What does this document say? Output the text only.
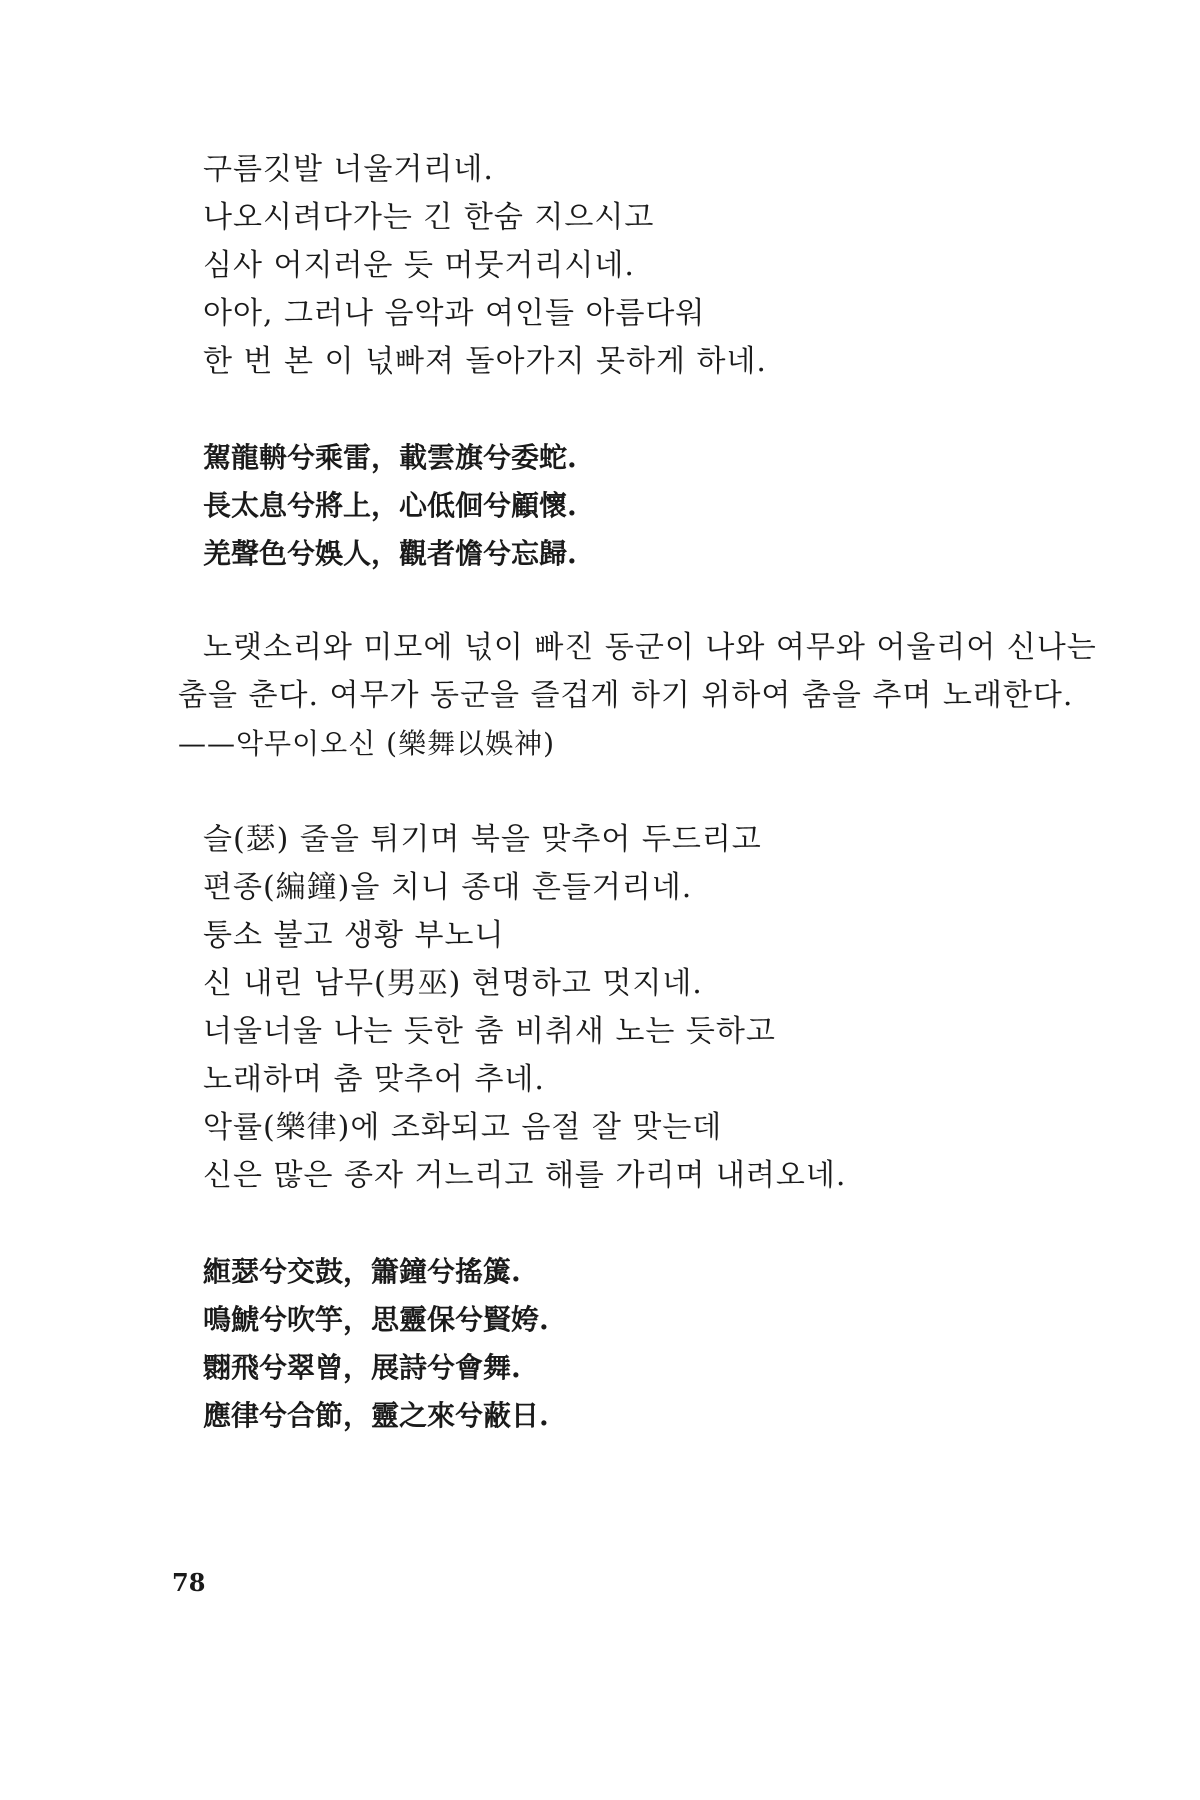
구름깃발 너울거리네.
나오시려다가는 긴 한숨 지으시고
심사 어지러운 듯 머뭇거리시네.
아아, 그러나 음악과 여인들 아름다워
한 번 본 이 넋빠져 돌아가지 못하게 하네.
駕龍輈兮乘雷，載雲旗兮委蛇.
長太息兮將上，心低佪兮顧懷.
羌聲色兮娛人，觀者憺兮忘歸.
노랫소리와 미모에 넋이 빠진 동군이 나와 여무와 어울리어 신나는
춤을 춘다. 여무가 동군을 즐겁게 하기 위하여 춤을 추며 노래한다.
——악무이오신 (樂舞以娛神)
슬(瑟) 줄을 튀기며 북을 맞추어 두드리고
편종(編鐘)을 치니 종대 흔들거리네.
퉁소 불고 생황 부노니
신 내린 남무(男巫) 현명하고 멋지네.
너울너울 나는 듯한 춤 비취새 노는 듯하고
노래하며 춤 맞추어 추네.
악률(樂律)에 조화되고 음절 잘 맞는데
신은 많은 종자 거느리고 해를 가리며 내려오네.
縆瑟兮交鼓，簫鐘兮搖簴.
鳴鯱兮吹竽，思靈保兮賢姱.
翾飛兮翠曾，展詩兮會舞.
應律兮合節，靈之來兮蔽日.
78
